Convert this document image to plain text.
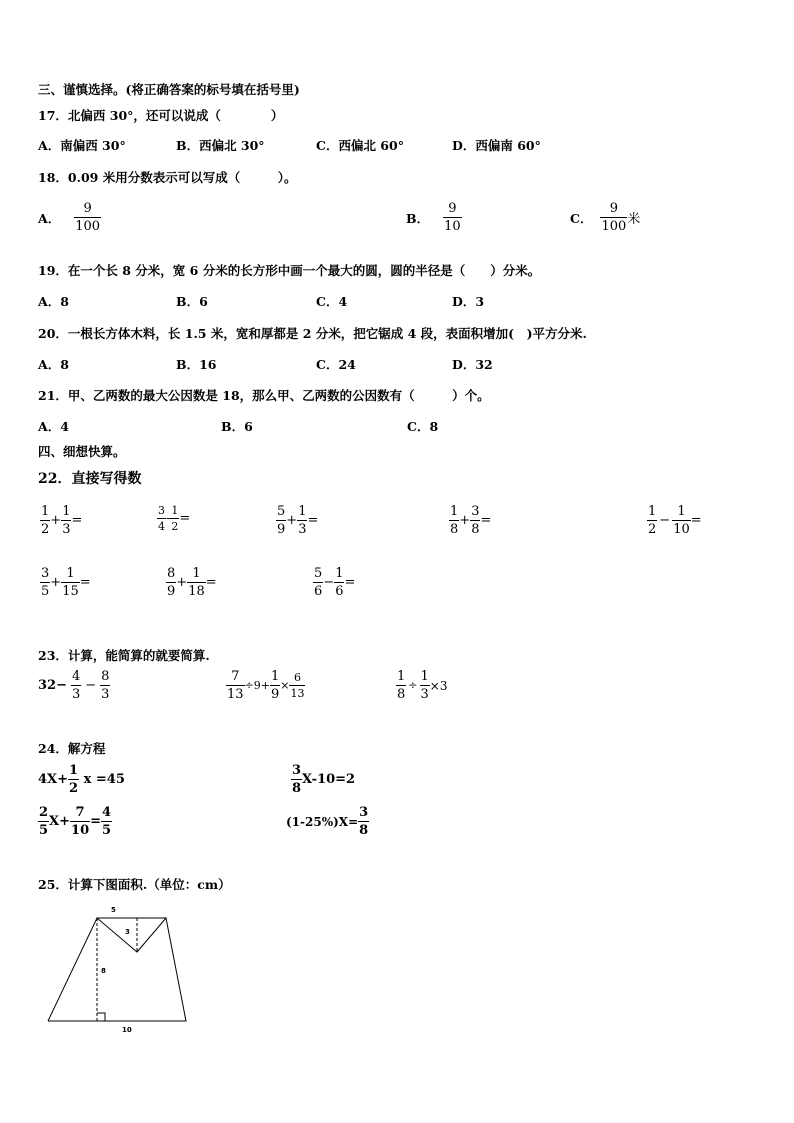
三、谨慎选择。(将正确答案的标号填在括号里)
17．北偏西 30°，还可以说成（　　　　）
A．南偏西 30°	B．西偏北 30°	C．西偏北 60°	D．西偏南 60°
18．0.09 米用分数表示可以写成（　　　）。
A． $\frac{9}{100}$	B． $\frac{9}{10}$	C． $\frac{9}{100}$ 米
19．在一个长 8 分米，宽 6 分米的长方形中画一个最大的圆，圆的半径是（　　）分米。
A．8	B．6	C．4	D．3
20．一根长方体木料，长 1.5 米，宽和厚都是 2 分米，把它锯成 4 段，表面积增加(　)平方分米.
A．8	B．16	C．24	D．32
21．甲、乙两数的最大公因数是 18，那么甲、乙两数的公因数有（　　　）个。
A．4	B．6	C．8
四、细想快算。
22．直接写得数
$\frac{1}{2} + \frac{1}{3}$ =	$\frac{3}{4} - \frac{1}{2}$ =	$\frac{5}{9} + \frac{1}{3}$ =	$\frac{1}{8} + \frac{3}{8}$ =	$\frac{1}{2} - \frac{1}{10}$ =
$\frac{3}{5} + \frac{1}{15}$ =	$\frac{8}{9} + \frac{1}{18}$ =	$\frac{5}{6} - \frac{1}{6}$ =
23．计算，能简算的就要简算.
$32- \frac{4}{3} - \frac{8}{3}$	$\frac{7}{13} \div 9+ \frac{1}{9} \times \frac{6}{13}$	$\frac{1}{8} \div \frac{1}{3} \times 3$
24．解方程
$4X+ \frac{1}{2}$ x =45	$\frac{3}{8} X-10=2$
$\frac{2}{5} X+ \frac{7}{10} = \frac{4}{5}$	$(1-25\%)X= \frac{3}{8}$
25．计算下图面积.（单位：cm）
5
3
8
10
